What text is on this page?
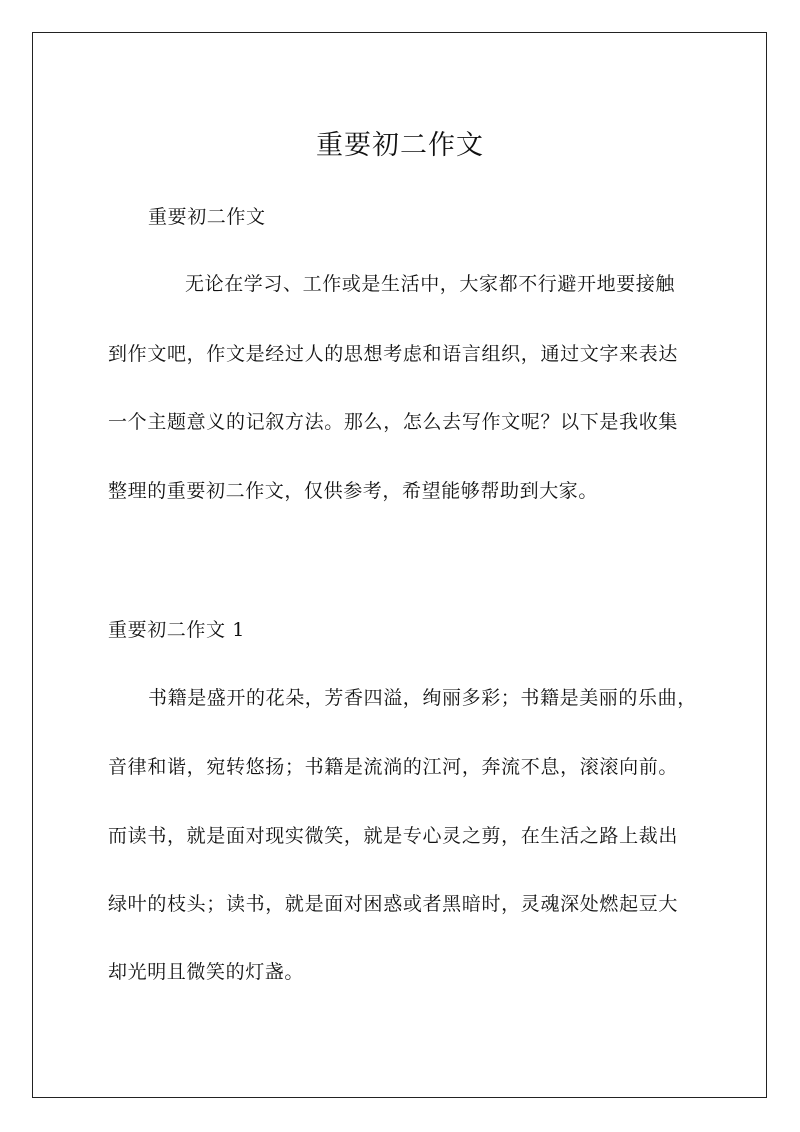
重要初二作文
重要初二作文
无论在学习、工作或是生活中，大家都不行避开地要接触
到作文吧，作文是经过人的思想考虑和语言组织，通过文字来表达
一个主题意义的记叙方法。那么，怎么去写作文呢？以下是我收集
整理的重要初二作文，仅供参考，希望能够帮助到大家。
重要初二作文 1
书籍是盛开的花朵，芳香四溢，绚丽多彩；书籍是美丽的乐曲，
音律和谐，宛转悠扬；书籍是流淌的江河，奔流不息，滚滚向前。
而读书，就是面对现实微笑，就是专心灵之剪，在生活之路上裁出
绿叶的枝头；读书，就是面对困惑或者黑暗时，灵魂深处燃起豆大
却光明且微笑的灯盏。
